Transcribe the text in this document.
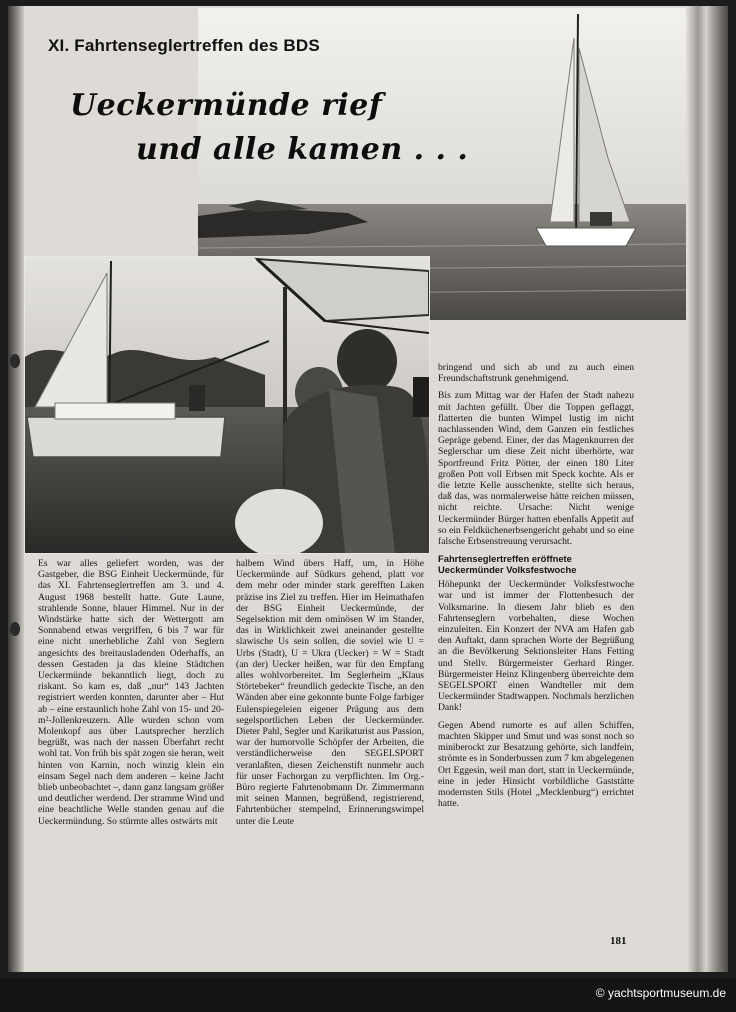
XI. Fahrtenseglertreffen des BDS
Ueckermünde rief
und alle kamen . . .

Es war alles geliefert worden, was der Gastgeber, die BSG Einheit Ueckermünde, für das XI. Fahrtenseglertreffen am 3. und 4. August 1968 bestellt hatte. Gute Laune, strahlende Sonne, blauer Himmel. Nur in der Windstärke hatte sich der Wettergott am Sonnabend etwas vergriffen, 6 bis 7 war für eine nicht unerhebliche Zahl von Seglern angesichts des breitausladenden Oderhaffs, an dessen Gestaden ja das kleine Städtchen Ueckermünde bekanntlich liegt, doch zu riskant. So kam es, daß „nur“ 143 Jachten registriert werden konnten, darunter aber – Hut ab – eine erstaunlich hohe Zahl von 15- und 20-m²-Jollenkreuzern. Alle wurden schon vom Molenkopf aus über Lautsprecher herzlich begrüßt, was nach der nassen Überfahrt recht wohl tat. Von früh bis spät zogen sie heran, weit hinten von Karnin, noch winzig klein ein einsam Segel nach dem anderen – keine Jacht blieb unbeobachtet –, dann ganz langsam größer und deutlicher werdend. Der stramme Wind und eine beachtliche Welle standen genau auf die Ueckermündung. So stürmte alles ostwärts mit

halbem Wind übers Haff, um, in Höhe Ueckermünde auf Südkurs gehend, platt vor dem mehr oder minder stark gerefften Laken präzise ins Ziel zu treffen. Hier im Heimathafen der BSG Einheit Ueckermünde, der Segelsektion mit dem ominösen W im Stander, das in Wirklichkeit zwei aneinander gestellte slawische Us sein sollen, die soviel wie U = Urbs (Stadt), U = Ukra (Uecker) = W = Stadt (an der) Uecker heißen, war für den Empfang alles wohlvorbereitet. Im Seglerheim „Klaus Störtebeker“ freundlich gedeckte Tische, an den Wänden aber eine gekonnte bunte Folge farbiger Eulenspiegeleien eigener Prägung aus dem segelsportlichen Leben der Ueckermünder. Dieter Pahl, Segler und Karikaturist aus Passion, war der humorvolle Schöpfer der Arbeiten, die verständlicherweise den SEGELSPORT veranlaßten, diesen Zeichenstift nunmehr auch für unser Fachorgan zu verpflichten. Im Org.-Büro regierte Fahrtenobmann Dr. Zimmermann mit seinen Mannen, begrüßend, registrierend, Fahrtenbücher stempelnd, Erinnerungswimpel unter die Leute

bringend und sich ab und zu auch einen Freundschaftstrunk genehmigend.

Bis zum Mittag war der Hafen der Stadt nahezu mit Jachten gefüllt. Über die Toppen geflaggt, flatterten die bunten Wimpel lustig im nicht nachlassenden Wind, dem Ganzen ein festliches Gepräge gebend. Einer, der das Magenknurren der Seglerschar um diese Zeit nicht überhörte, war Sportfreund Fritz Pötter, der einen 180 Liter großen Pott voll Erbsen mit Speck kochte. Als er die letzte Kelle ausschenkte, stellte sich heraus, daß das, was normalerweise hätte reichen müssen, nicht reichte. Ursache: Nicht wenige Ueckermünder Bürger hatten ebenfalls Appetit auf so ein Feldküchenerbsengericht gehabt und so eine falsche Erbsenstreuung verursacht.

Fahrtenseglertreffen eröffnete Ueckermünder Volksfestwoche

Höhepunkt der Ueckermünder Volksfestwoche war und ist immer der Flottenbesuch der Volksmarine. In diesem Jahr blieb es den Fahrtenseglern vorbehalten, diese Wochen einzuleiten. Ein Konzert der NVA am Hafen gab den Auftakt, dann sprachen Worte der Begrüßung an die Bevölkerung Sektionsleiter Hans Fetting und Stellv. Bürgermeister Gerhard Ringer. Bürgermeister Heinz Klingenberg überreichte dem SEGELSPORT einen Wandteller mit dem Ueckermünder Stadtwappen. Nochmals herzlichen Dank!

Gegen Abend rumorte es auf allen Schiffen, machten Skipper und Smut und was sonst noch so miniberockt zur Besatzung gehörte, sich landfein, strömte es in Sonderbussen zum 7 km abgelegenen Ort Eggesin, weil man dort, statt in Ueckermünde, eine in jeder Hinsicht vorbildliche Gaststätte modernsten Stils (Hotel „Mecklenburg“) errichtet hatte.

181
© yachtsportmuseum.de
